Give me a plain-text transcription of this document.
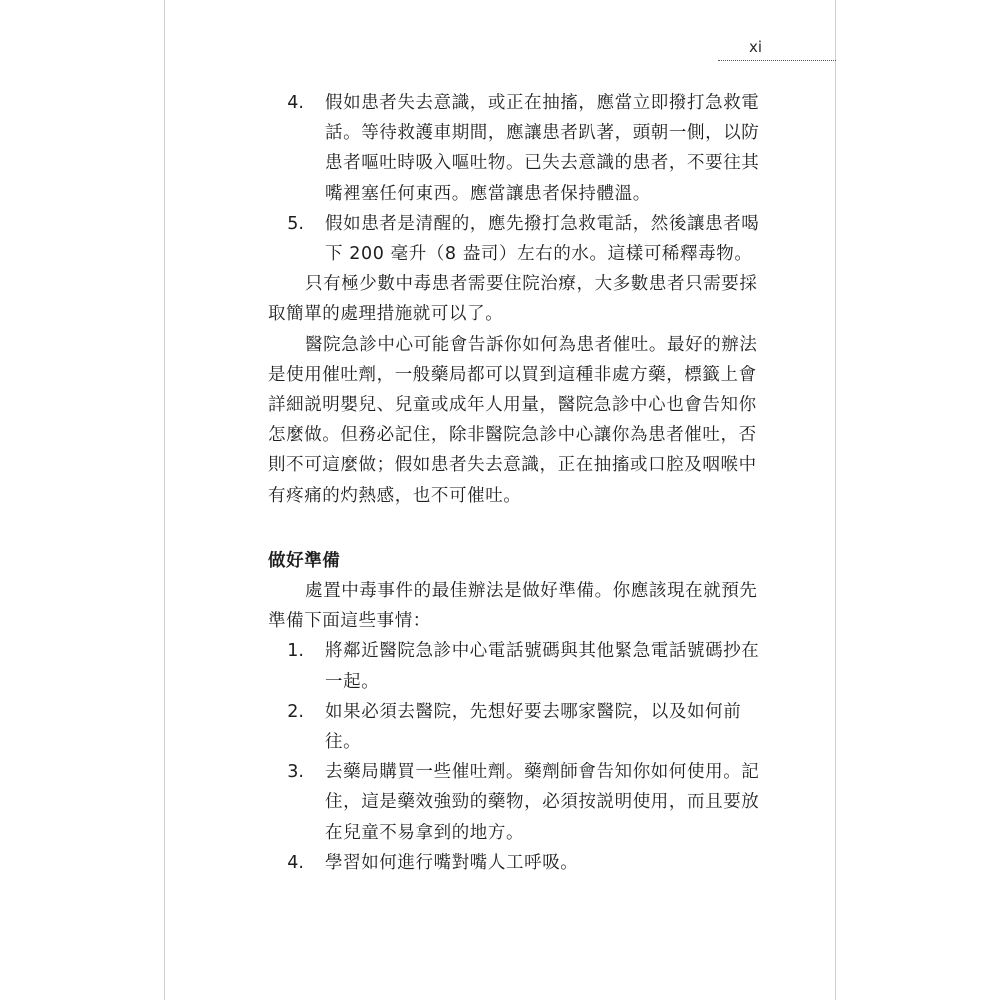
xi
4.	假如患者失去意識，或正在抽搐，應當立即撥打急救電話。等待救護車期間，應讓患者趴著，頭朝一側，以防患者嘔吐時吸入嘔吐物。已失去意識的患者，不要往其嘴裡塞任何東西。應當讓患者保持體溫。
5.	假如患者是清醒的，應先撥打急救電話，然後讓患者喝下 200 毫升（8 盎司）左右的水。這樣可稀釋毒物。

只有極少數中毒患者需要住院治療，大多數患者只需要採取簡單的處理措施就可以了。

醫院急診中心可能會告訴你如何為患者催吐。最好的辦法是使用催吐劑，一般藥局都可以買到這種非處方藥，標籤上會詳細説明嬰兒、兒童或成年人用量，醫院急診中心也會告知你怎麼做。但務必記住，除非醫院急診中心讓你為患者催吐，否則不可這麼做；假如患者失去意識，正在抽搐或口腔及咽喉中有疼痛的灼熱感，也不可催吐。

做好準備

處置中毒事件的最佳辦法是做好準備。你應該現在就預先準備下面這些事情：

1.	將鄰近醫院急診中心電話號碼與其他緊急電話號碼抄在一起。
2.	如果必須去醫院，先想好要去哪家醫院，以及如何前往。
3.	去藥局購買一些催吐劑。藥劑師會告知你如何使用。記住，這是藥效強勁的藥物，必須按説明使用，而且要放在兒童不易拿到的地方。
4.	學習如何進行嘴對嘴人工呼吸。
